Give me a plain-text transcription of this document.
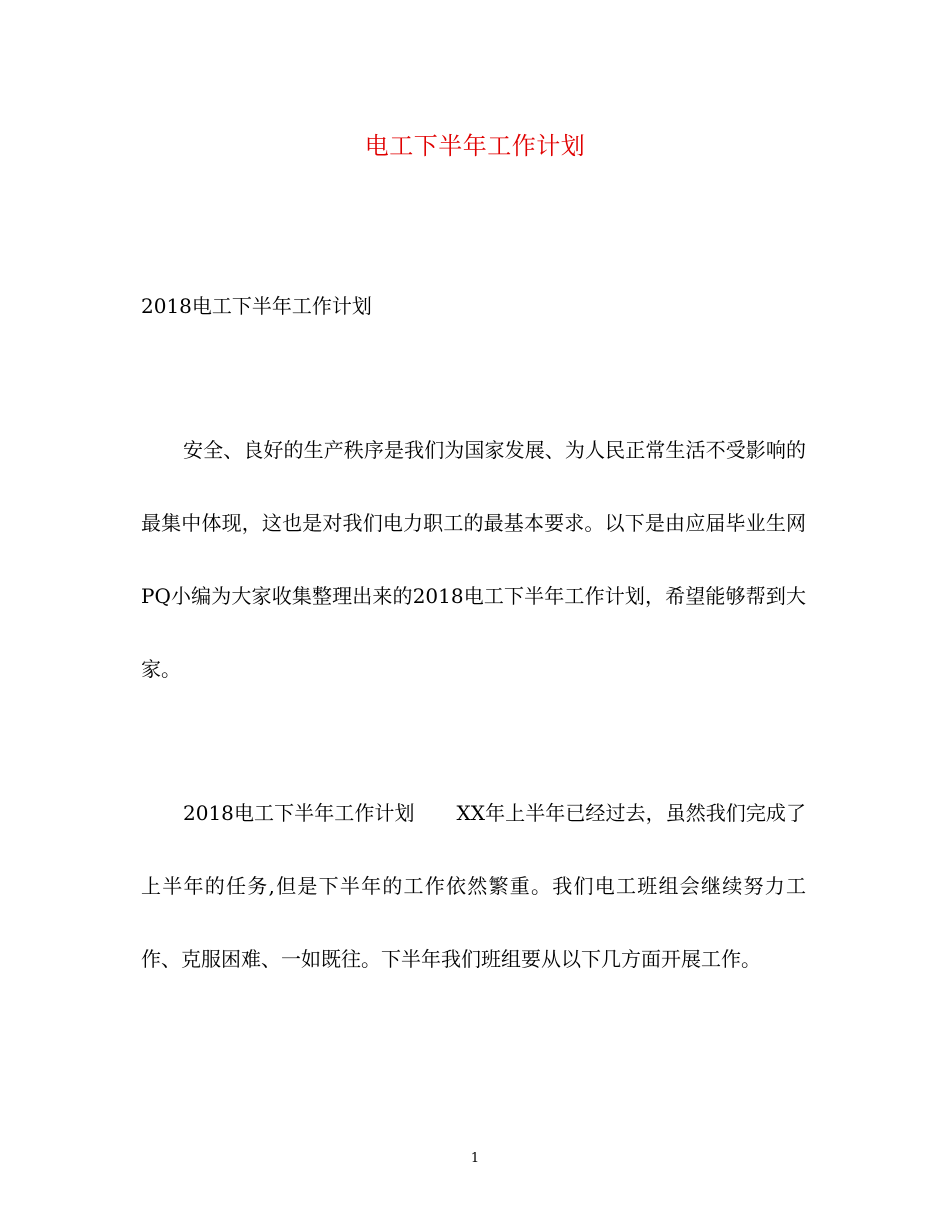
电工下半年工作计划
2018电工下半年工作计划
安全、良好的生产秩序是我们为国家发展、为人民正常生活不受影响的最集中体现，这也是对我们电力职工的最基本要求。以下是由应届毕业生网PQ小编为大家收集整理出来的2018电工下半年工作计划，希望能够帮到大家。
2018电工下半年工作计划 XX年上半年已经过去，虽然我们完成了上半年的任务,但是下半年的工作依然繁重。我们电工班组会继续努力工作、克服困难、一如既往。下半年我们班组要从以下几方面开展工作。
1
